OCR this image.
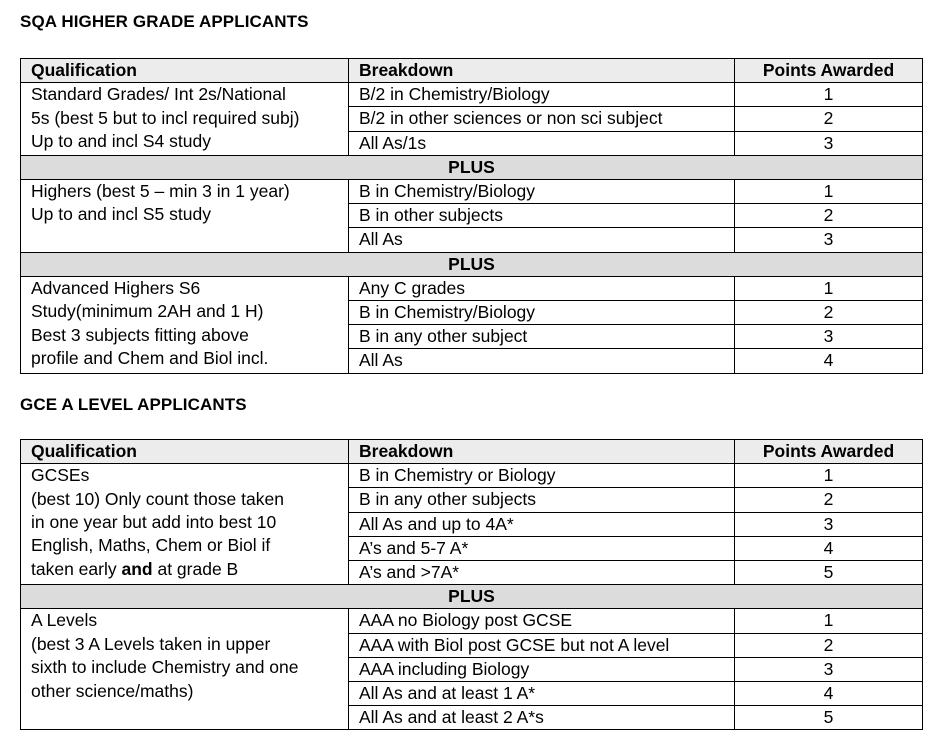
SQA HIGHER GRADE APPLICANTS
Qualification	Breakdown	Points Awarded
Standard Grades/ Int 2s/National
5s (best 5 but to incl required subj)
Up to and incl S4 study	B/2 in Chemistry/Biology	1
	B/2 in other sciences or non sci subject	2
	All As/1s	3
PLUS		
Highers (best 5 – min 3 in 1 year)
Up to and incl S5 study	B in Chemistry/Biology	1
	B in other subjects	2
	All As	3
PLUS		
Advanced Highers S6
Study(minimum 2AH and 1 H)
Best 3 subjects fitting above
profile and Chem and Biol incl.	Any C grades	1
	B in Chemistry/Biology	2
	B in any other subject	3
	All As	4
GCE A LEVEL APPLICANTS
Qualification	Breakdown	Points Awarded
GCSEs
(best 10) Only count those taken
in one year but add into best 10
English, Maths, Chem or Biol if
taken early and at grade B	B in Chemistry or Biology	1
	B in any other subjects	2
	All As and up to 4A*	3
	A’s and 5-7 A*	4
	A’s and >7A*	5
PLUS		
A Levels
(best 3 A Levels taken in upper
sixth to include Chemistry and one
other science/maths)	AAA no Biology post GCSE	1
	AAA with Biol post GCSE but not A level	2
	AAA including Biology	3
	All As and at least 1 A*	4
	All As and at least 2 A*s	5
